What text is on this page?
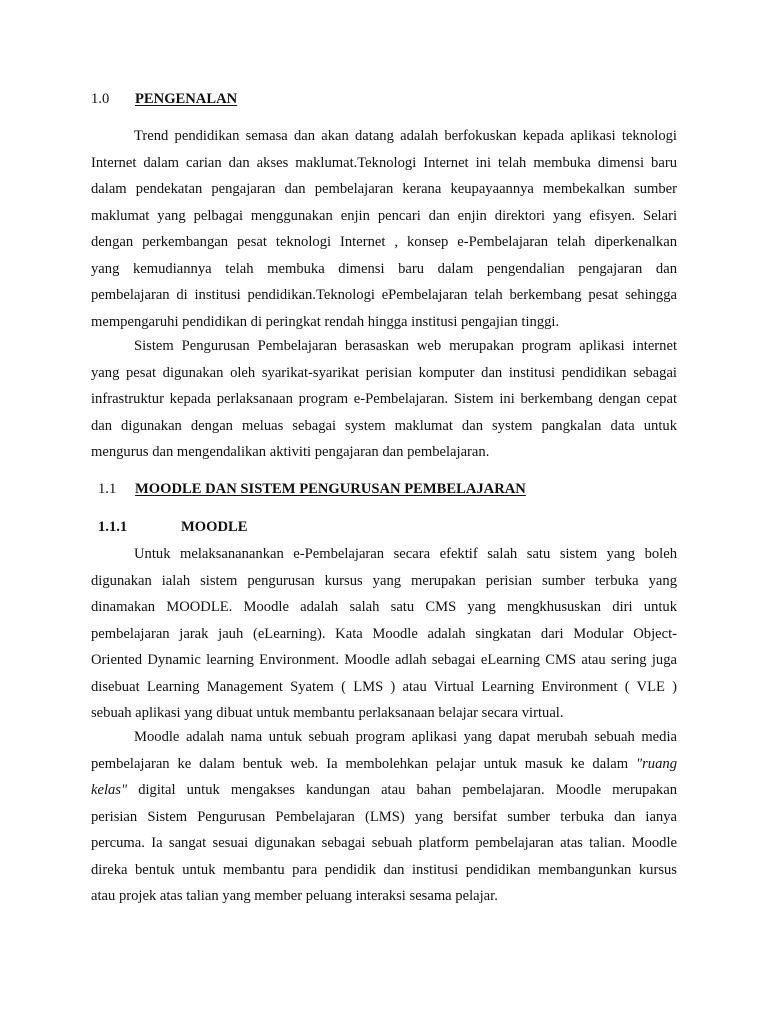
1.0 PENGENALAN
Trend pendidikan semasa dan akan datang adalah berfokuskan kepada aplikasi teknologi
Internet dalam carian dan akses maklumat.Teknologi Internet ini telah membuka dimensi baru
dalam pendekatan pengajaran dan pembelajaran kerana keupayaannya membekalkan sumber
maklumat yang pelbagai menggunakan enjin pencari dan enjin direktori yang efisyen. Selari
dengan perkembangan pesat teknologi Internet , konsep e-Pembelajaran telah diperkenalkan
yang kemudiannya telah membuka dimensi baru dalam pengendalian pengajaran dan
pembelajaran di institusi pendidikan.Teknologi ePembelajaran telah berkembang pesat sehingga
mempengaruhi pendidikan di peringkat rendah hingga institusi pengajian tinggi.
Sistem Pengurusan Pembelajaran berasaskan web merupakan program aplikasi internet
yang pesat digunakan oleh syarikat-syarikat perisian komputer dan institusi pendidikan sebagai
infrastruktur kepada perlaksanaan program e-Pembelajaran. Sistem ini berkembang dengan cepat
dan digunakan dengan meluas sebagai system maklumat dan system pangkalan data untuk
mengurus dan mengendalikan aktiviti pengajaran dan pembelajaran.
1.1 MOODLE DAN SISTEM PENGURUSAN PEMBELAJARAN
1.1.1	MOODLE
Untuk melaksananankan e-Pembelajaran secara efektif salah satu sistem yang boleh
digunakan ialah sistem pengurusan kursus yang merupakan perisian sumber terbuka yang
dinamakan MOODLE. Moodle adalah salah satu CMS yang mengkhususkan diri untuk
pembelajaran jarak jauh (eLearning). Kata Moodle adalah singkatan dari Modular Object-
Oriented Dynamic learning Environment. Moodle adlah sebagai eLearning CMS atau sering juga
disebuat Learning Management Syatem ( LMS ) atau Virtual Learning Environment ( VLE )
sebuah aplikasi yang dibuat untuk membantu perlaksanaan belajar secara virtual.
Moodle adalah nama untuk sebuah program aplikasi yang dapat merubah sebuah media
pembelajaran ke dalam bentuk web. Ia membolehkan pelajar untuk masuk ke dalam "ruang
kelas" digital untuk mengakses kandungan atau bahan pembelajaran. Moodle merupakan
perisian Sistem Pengurusan Pembelajaran (LMS) yang bersifat sumber terbuka dan ianya
percuma. Ia sangat sesuai digunakan sebagai sebuah platform pembelajaran atas talian. Moodle
direka bentuk untuk membantu para pendidik dan institusi pendidikan membangunkan kursus
atau projek atas talian yang member peluang interaksi sesama pelajar.
